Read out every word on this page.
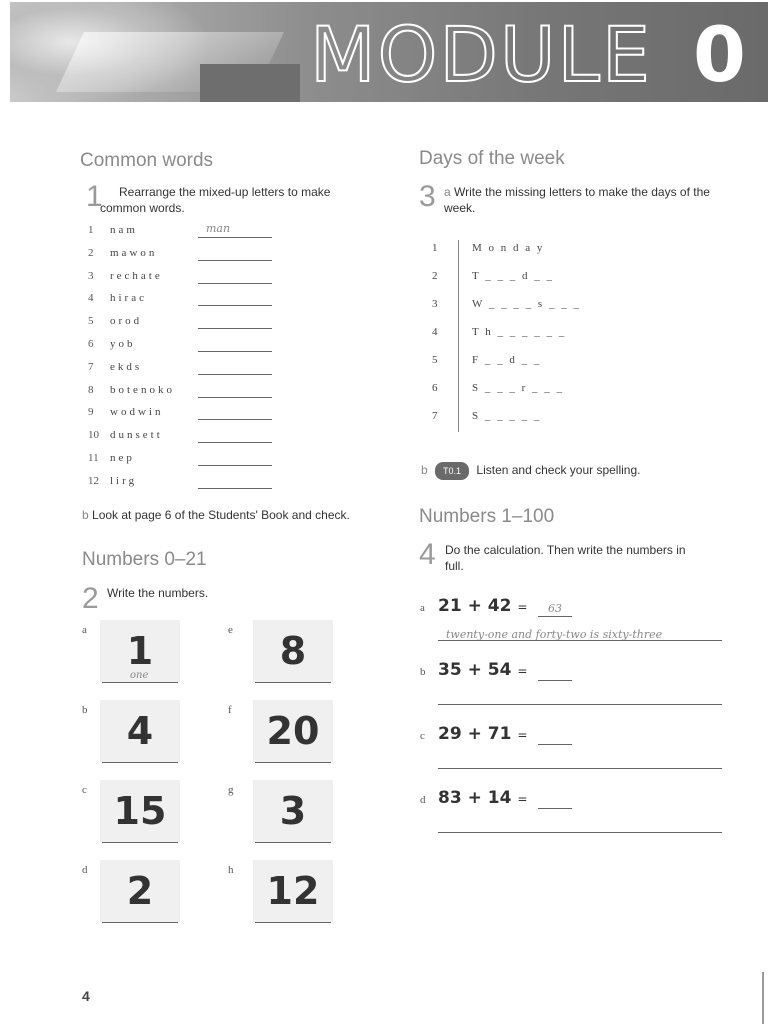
MODULE 0
Common words
1	Rearrange the mixed-up letters to make common words.
1	nam	man
2	mawon
3	rechate
4	hirac
5	orod
6	yob
7	ekds
8	botenoko
9	wodwin
10 dunsett
11	nep
12 lirg
b Look at page 6 of the Students' Book and check.
Numbers 0–21
2 Write the numbers.
a	1
one
b	4
c 15
d	2
e	8
f 20
g	3
h 12
Days of the week
3 a Write the missing letters to make the days of the week.
1	M o n d a y
2	T _ _ _ d _ _
3	W _ _ _ _ s _ _ _
4	T h _ _ _ _ _ _
5	F _ _ d _ _
6	S _ _ _ r _ _ _
7	S _ _ _ _ _
b T0.1 Listen and check your spelling.
Numbers 1–100
4 Do the calculation. Then write the numbers in full.
a 21 + 42 = 63
twenty-one and forty-two is sixty-three
b 35 + 54 =
c 29 + 71 =
d 83 + 14 =
4
